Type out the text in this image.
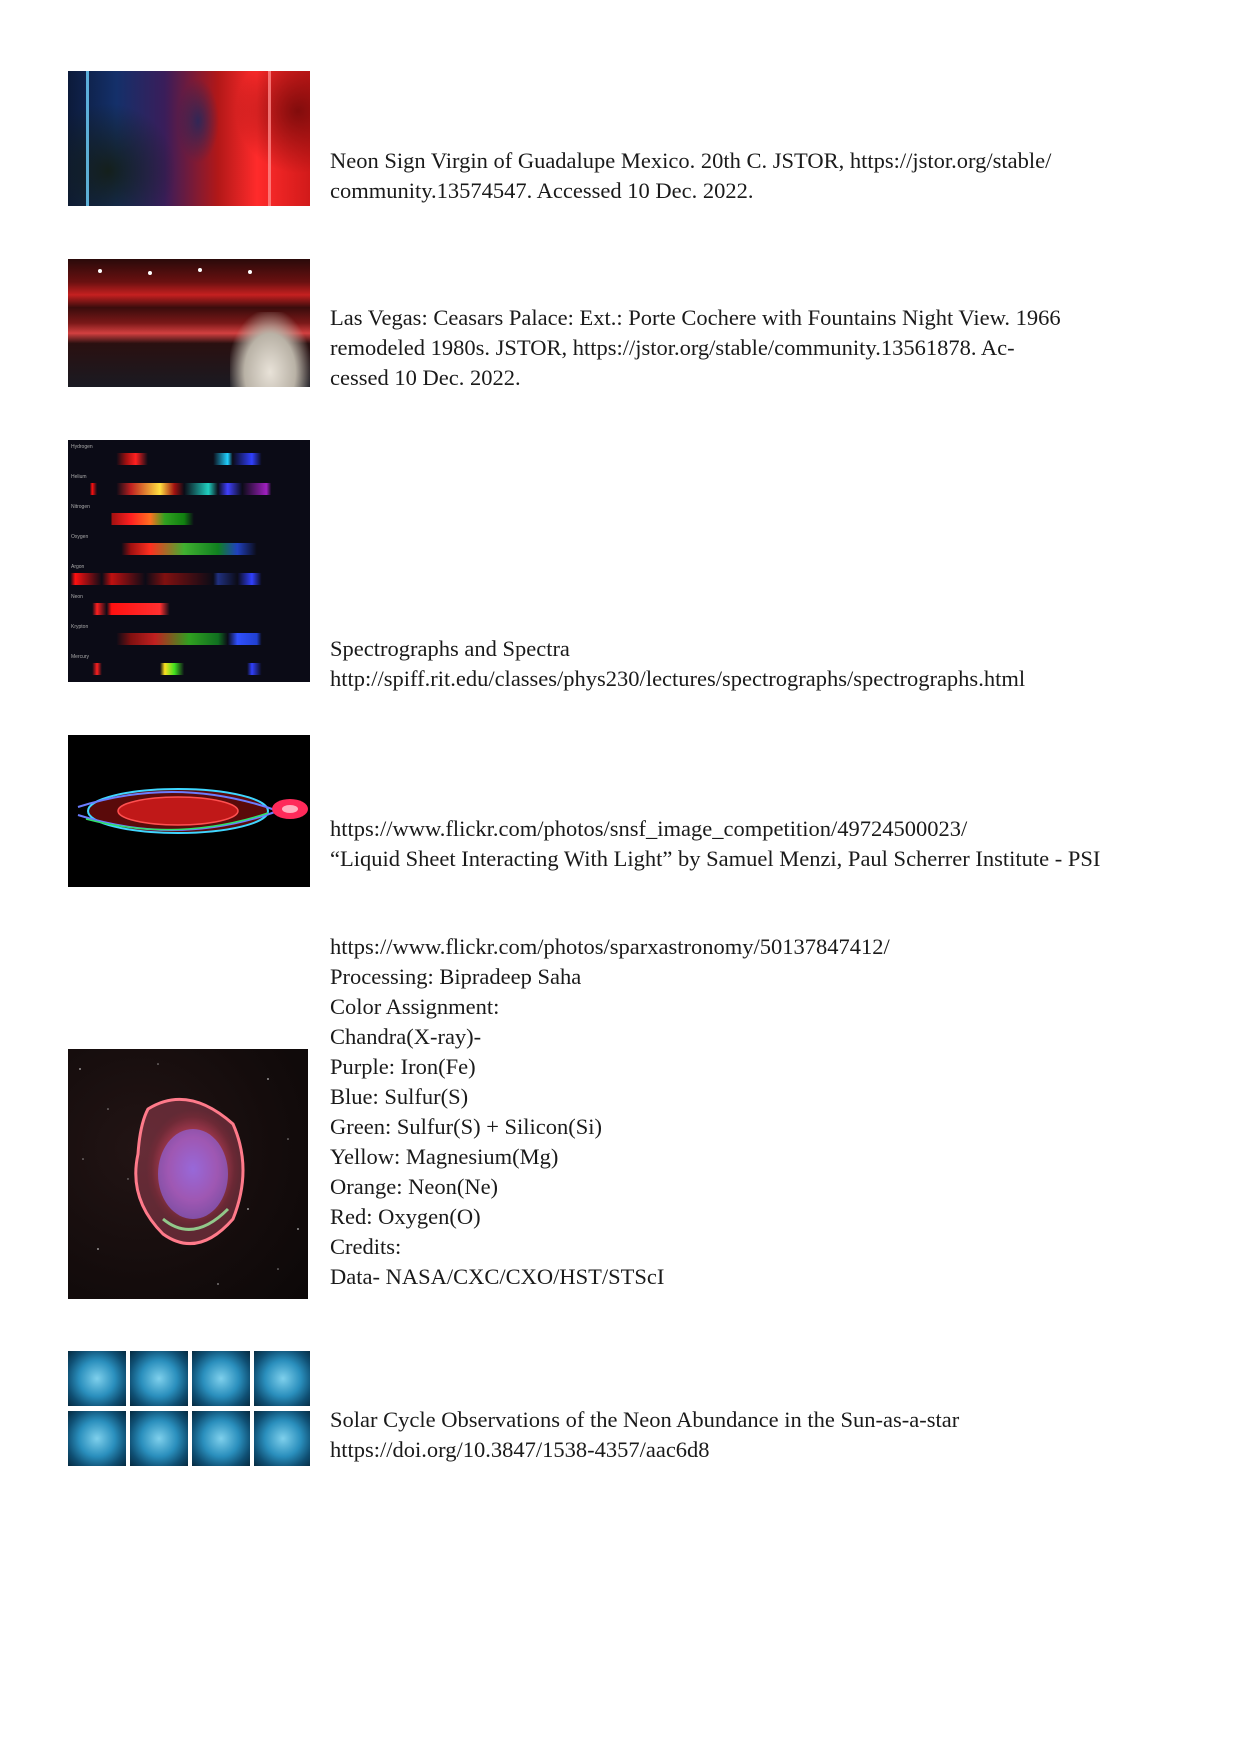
Neon Sign Virgin of Guadalupe Mexico. 20th C. JSTOR, https://jstor.org/stable/
community.13574547. Accessed 10 Dec. 2022.
Las Vegas: Ceasars Palace: Ext.: Porte Cochere with Fountains Night View. 1966
remodeled 1980s. JSTOR, https://jstor.org/stable/community.13561878. Ac-
cessed 10 Dec. 2022.
Hydrogen
Helium
Nitrogen
Oxygen
Argon
Neon
Krypton
Mercury	Spectrographs and Spectra
http://spiff.rit.edu/classes/phys230/lectures/spectrographs/spectrographs.html
https://www.flickr.com/photos/snsf_image_competition/49724500023/
“Liquid Sheet Interacting With Light” by Samuel Menzi, Paul Scherrer Institute - PSI
https://www.flickr.com/photos/sparxastronomy/50137847412/
Processing: Bipradeep Saha
Color Assignment:
Chandra(X-ray)-
Purple: Iron(Fe)
Blue: Sulfur(S)
Green: Sulfur(S) + Silicon(Si)
Yellow: Magnesium(Mg)
Orange: Neon(Ne)
Red: Oxygen(O)
Credits:
Data- NASA/CXC/CXO/HST/STScI
Solar Cycle Observations of the Neon Abundance in the Sun-as-a-star
https://doi.org/10.3847/1538-4357/aac6d8
